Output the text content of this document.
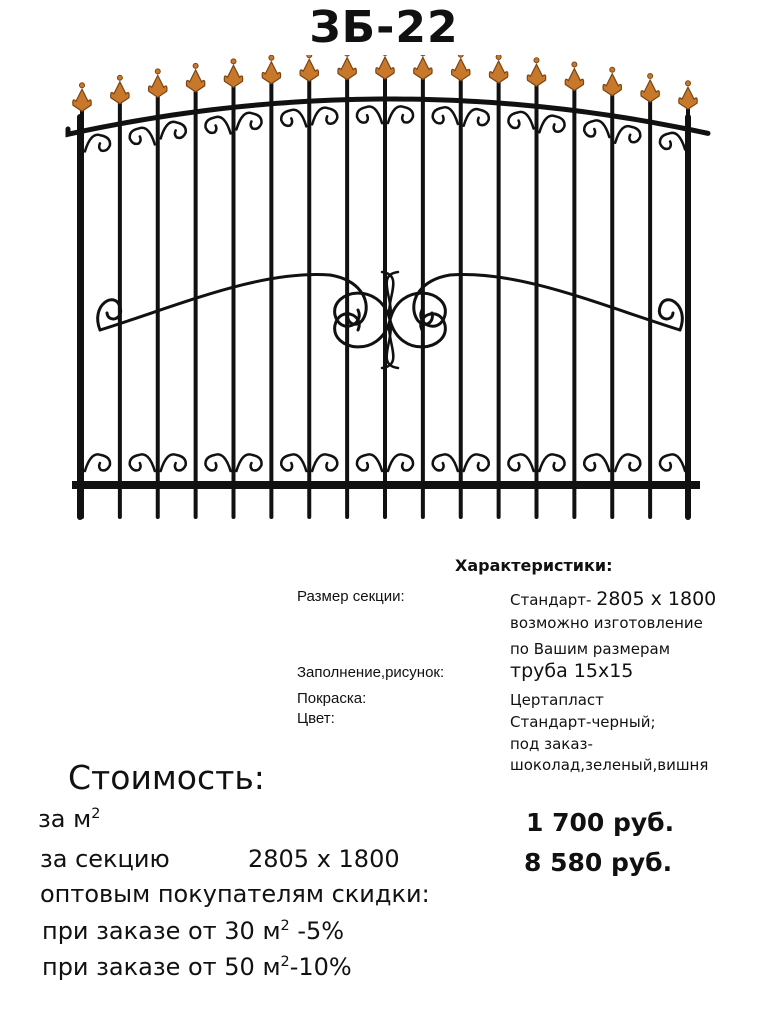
ЗБ-22
Характеристики:
Размер секции:	Стандарт- 2805 х 1800
возможно изготовление
по Вашим размерам
Заполнение,рисунок:	труба 15х15
Покраска:	Цертапласт
Цвет:	Стандарт-черный;
под заказ-
шоколад,зеленый,вишня
Стоимость:
за $м^2$	1 700 руб.
за секцию	2805 х 1800	8 580 руб.
оптовым покупателям скидки:
при заказе от 30 $м^2$ -5%
при заказе от 50 $м^2-10\%$
